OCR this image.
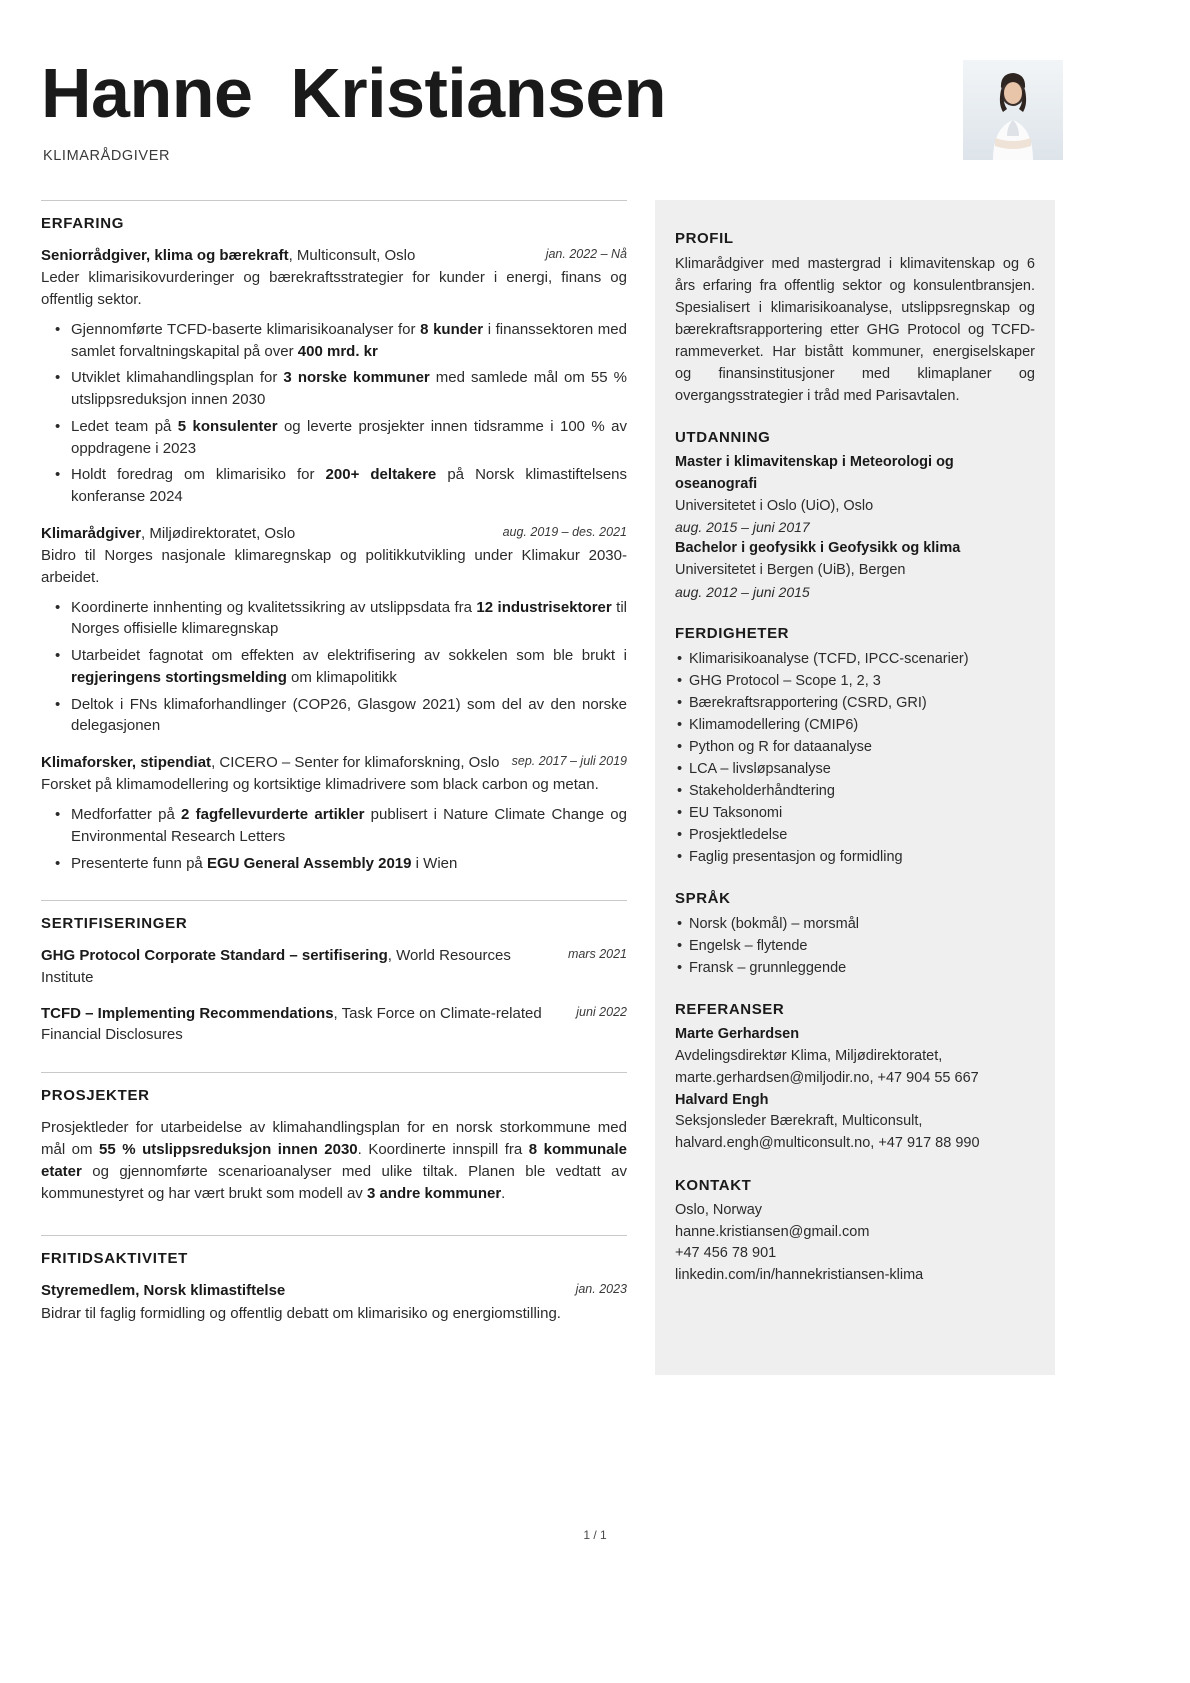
Hanne  Kristiansen
KLIMARÅDGIVER
ERFARING
jan. 2022 – Nå
Seniorrådgiver, klima og bærekraft, Multiconsult, Oslo
Leder klimarisikovurderinger og bærekraftsstrategier for kunder i energi, finans og offentlig sektor.
• Gjennomførte TCFD-baserte klimarisikoanalyser for 8 kunder i finanssektoren med samlet forvaltningskapital på over 400 mrd. kr
• Utviklet klimahandlingsplan for 3 norske kommuner med samlede mål om 55 % utslippsreduksjon innen 2030
• Ledet team på 5 konsulenter og leverte prosjekter innen tidsramme i 100 % av oppdragene i 2023
• Holdt foredrag om klimarisiko for 200+ deltakere på Norsk klimastiftelsens konferanse 2024
aug. 2019 – des. 2021
Klimarådgiver, Miljødirektoratet, Oslo
Bidro til Norges nasjonale klimaregnskap og politikkutvikling under Klimakur 2030-arbeidet.
• Koordinerte innhenting og kvalitetssikring av utslippsdata fra 12 industrisektorer til Norges offisielle klimaregnskap
• Utarbeidet fagnotat om effekten av elektrifisering av sokkelen som ble brukt i regjeringens stortingsmelding om klimapolitikk
• Deltok i FNs klimaforhandlinger (COP26, Glasgow 2021) som del av den norske delegasjonen
sep. 2017 – juli 2019
Klimaforsker, stipendiat, CICERO – Senter for klimaforskning, Oslo
Forsket på klimamodellering og kortsiktige klimadrivere som black carbon og metan.
• Medforfatter på 2 fagfellevurderte artikler publisert i Nature Climate Change og Environmental Research Letters
• Presenterte funn på EGU General Assembly 2019 i Wien
SERTIFISERINGER
mars 2021
GHG Protocol Corporate Standard – sertifisering, World Resources Institute
juni 2022
TCFD – Implementing Recommendations, Task Force on Climate-related Financial Disclosures
PROSJEKTER
Prosjektleder for utarbeidelse av klimahandlingsplan for en norsk storkommune med mål om 55 % utslippsreduksjon innen 2030. Koordinerte innspill fra 8 kommunale etater og gjennomførte scenarioanalyser med ulike tiltak. Planen ble vedtatt av kommunestyret og har vært brukt som modell av 3 andre kommuner.
FRITIDSAKTIVITET
jan. 2023
Styremedlem, Norsk klimastiftelse
Bidrar til faglig formidling og offentlig debatt om klimarisiko og energiomstilling.
PROFIL

Klimarådgiver med mastergrad i klimavitenskap og 6 års erfaring fra offentlig sektor og konsulentbransjen. Spesialisert i klimarisikoanalyse, utslippsregnskap og bærekraftsrapportering etter GHG Protocol og TCFD-rammeverket. Har bistått kommuner, energiselskaper og finansinstitusjoner med klimaplaner og overgangsstrategier i tråd med Parisavtalen.

UTDANNING

Master i klimavitenskap i Meteorologi og oseanografi

Universitetet i Oslo (UiO), Oslo

aug. 2015 – juni 2017

Bachelor i geofysikk i Geofysikk og klima

Universitetet i Bergen (UiB), Bergen

aug. 2012 – juni 2015

FERDIGHETER
• Klimarisikoanalyse (TCFD, IPCC-scenarier)
• GHG Protocol – Scope 1, 2, 3
• Bærekraftsrapportering (CSRD, GRI)
• Klimamodellering (CMIP6)
• Python og R for dataanalyse
• LCA – livsløpsanalyse
• Stakeholderhåndtering
• EU Taksonomi
• Prosjektledelse
• Faglig presentasjon og formidling
SPRÅK
• Norsk (bokmål) – morsmål
• Engelsk – flytende
• Fransk – grunnleggende
REFERANSER

Marte Gerhardsen

Avdelingsdirektør Klima, Miljødirektoratet,

marte.gerhardsen@miljodir.no, +47 904 55 667

Halvard Engh

Seksjonsleder Bærekraft, Multiconsult,

halvard.engh@multiconsult.no, +47 917 88 990

KONTAKT

Oslo, Norway

hanne.kristiansen@gmail.com

+47 456 78 901

linkedin.com/in/hannekristiansen-klima

1 / 1
